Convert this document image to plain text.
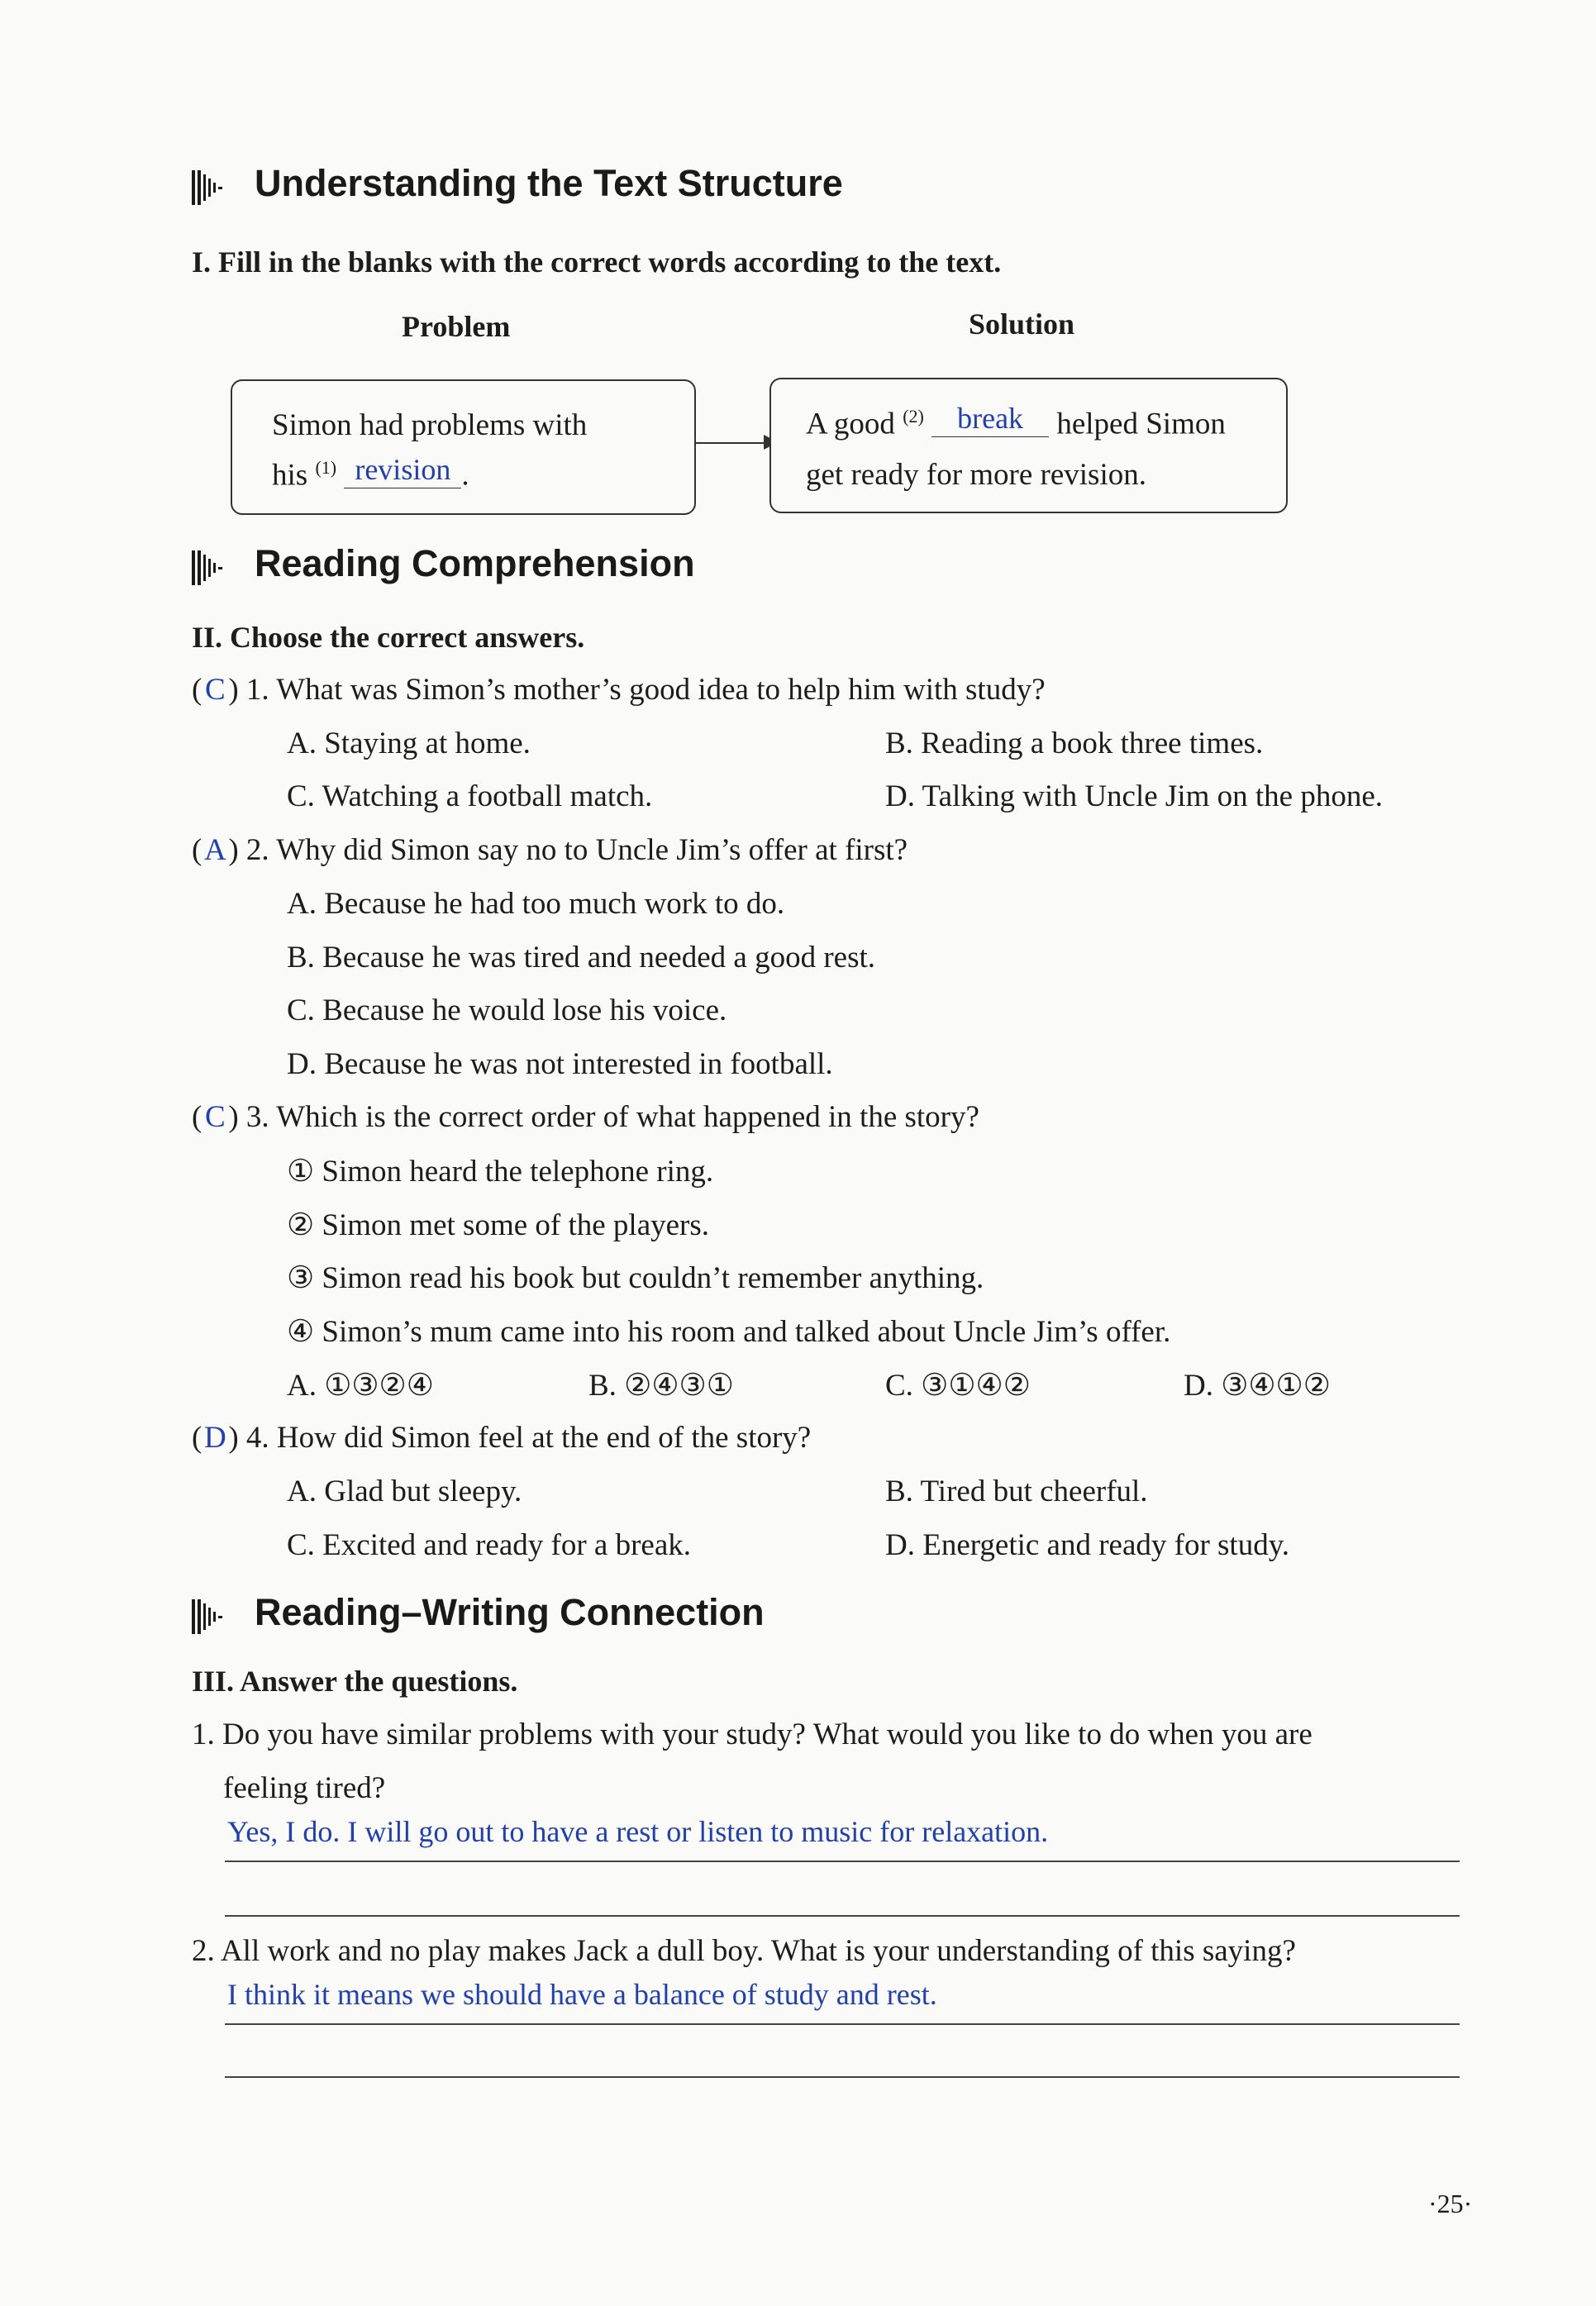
Understanding the Text Structure
I. Fill in the blanks with the correct words according to the text.
Problem	Solution
Simon had problems with
his $^{(1)}$ revision .
A good $^{(2)}$ break helped Simon
get ready for more revision.
Reading Comprehension
II. Choose the correct answers.
(C) 1. What was Simon’s mother’s good idea to help him with study?
A. Staying at home.	B. Reading a book three times.
C. Watching a football match.	D. Talking with Uncle Jim on the phone.
(A) 2. Why did Simon say no to Uncle Jim’s offer at first?
A. Because he had too much work to do.
B. Because he was tired and needed a good rest.
C. Because he would lose his voice.
D. Because he was not interested in football.
(C) 3. Which is the correct order of what happened in the story?
① Simon heard the telephone ring.
② Simon met some of the players.
③ Simon read his book but couldn’t remember anything.
④ Simon’s mum came into his room and talked about Uncle Jim’s offer.
A. ①③②④	B. ②④③①	C. ③①④②	D. ③④①②
(D) 4. How did Simon feel at the end of the story?
A. Glad but sleepy.	B. Tired but cheerful.
C. Excited and ready for a break.	D. Energetic and ready for study.
Reading–Writing Connection
III. Answer the questions.
1. Do you have similar problems with your study? What would you like to do when you are
feeling tired?
Yes, I do. I will go out to have a rest or listen to music for relaxation.
2. All work and no play makes Jack a dull boy. What is your understanding of this saying?
I think it means we should have a balance of study and rest.
·25·
